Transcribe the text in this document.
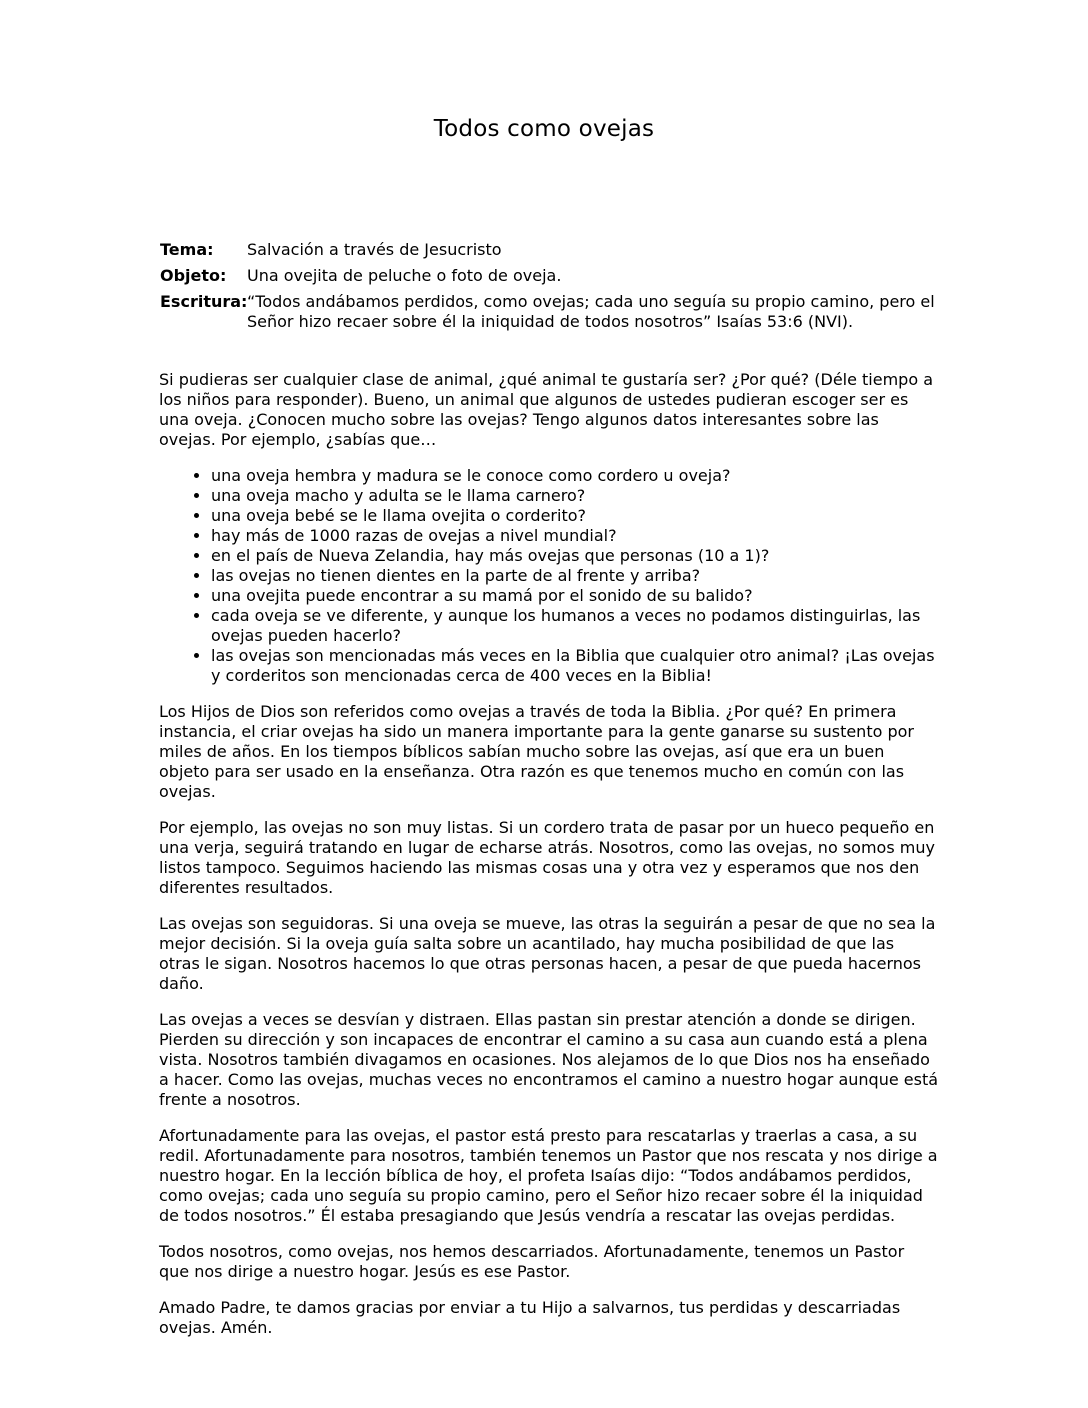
Todos como ovejas
Tema:	Salvación a través de Jesucristo
Objeto:	Una ovejita de peluche o foto de oveja.
Escritura: “Todos andábamos perdidos, como ovejas; cada uno seguía su propio camino, pero el Señor hizo recaer sobre él la iniquidad de todos nosotros” Isaías 53:6 (NVI).

Si pudieras ser cualquier clase de animal, ¿qué animal te gustaría ser? ¿Por qué? (Déle tiempo a los niños para responder). Bueno, un animal que algunos de ustedes pudieran escoger ser es una oveja. ¿Conocen mucho sobre las ovejas? Tengo algunos datos interesantes sobre las ovejas. Por ejemplo, ¿sabías que…

• una oveja hembra y madura se le conoce como cordero u oveja?
• una oveja macho y adulta se le llama carnero?
• una oveja bebé se le llama ovejita o corderito?
• hay más de 1000 razas de ovejas a nivel mundial?
• en el país de Nueva Zelandia, hay más ovejas que personas (10 a 1)?
• las ovejas no tienen dientes en la parte de al frente y arriba?
• una ovejita puede encontrar a su mamá por el sonido de su balido?
• cada oveja se ve diferente, y aunque los humanos a veces no podamos distinguirlas, las ovejas pueden hacerlo?
• las ovejas son mencionadas más veces en la Biblia que cualquier otro animal? ¡Las ovejas y corderitos son mencionadas cerca de 400 veces en la Biblia!

Los Hijos de Dios son referidos como ovejas a través de toda la Biblia. ¿Por qué? En primera instancia, el criar ovejas ha sido un manera importante para la gente ganarse su sustento por miles de años. En los tiempos bíblicos sabían mucho sobre las ovejas, así que era un buen objeto para ser usado en la enseñanza. Otra razón es que tenemos mucho en común con las ovejas.

Por ejemplo, las ovejas no son muy listas. Si un cordero trata de pasar por un hueco pequeño en una verja, seguirá tratando en lugar de echarse atrás. Nosotros, como las ovejas, no somos muy listos tampoco. Seguimos haciendo las mismas cosas una y otra vez y esperamos que nos den diferentes resultados.

Las ovejas son seguidoras. Si una oveja se mueve, las otras la seguirán a pesar de que no sea la mejor decisión. Si la oveja guía salta sobre un acantilado, hay mucha posibilidad de que las otras le sigan. Nosotros hacemos lo que otras personas hacen, a pesar de que pueda hacernos daño.

Las ovejas a veces se desvían y distraen. Ellas pastan sin prestar atención a donde se dirigen. Pierden su dirección y son incapaces de encontrar el camino a su casa aun cuando está a plena vista. Nosotros también divagamos en ocasiones. Nos alejamos de lo que Dios nos ha enseñado a hacer. Como las ovejas, muchas veces no encontramos el camino a nuestro hogar aunque está frente a nosotros.

Afortunadamente para las ovejas, el pastor está presto para rescatarlas y traerlas a casa, a su redil. Afortunadamente para nosotros, también tenemos un Pastor que nos rescata y nos dirige a nuestro hogar. En la lección bíblica de hoy, el profeta Isaías dijo: “Todos andábamos perdidos, como ovejas; cada uno seguía su propio camino, pero el Señor hizo recaer sobre él la iniquidad de todos nosotros.” Él estaba presagiando que Jesús vendría a rescatar las ovejas perdidas.

Todos nosotros, como ovejas, nos hemos descarriados. Afortunadamente, tenemos un Pastor que nos dirige a nuestro hogar. Jesús es ese Pastor.

Amado Padre, te damos gracias por enviar a tu Hijo a salvarnos, tus perdidas y descarriadas ovejas. Amén.
